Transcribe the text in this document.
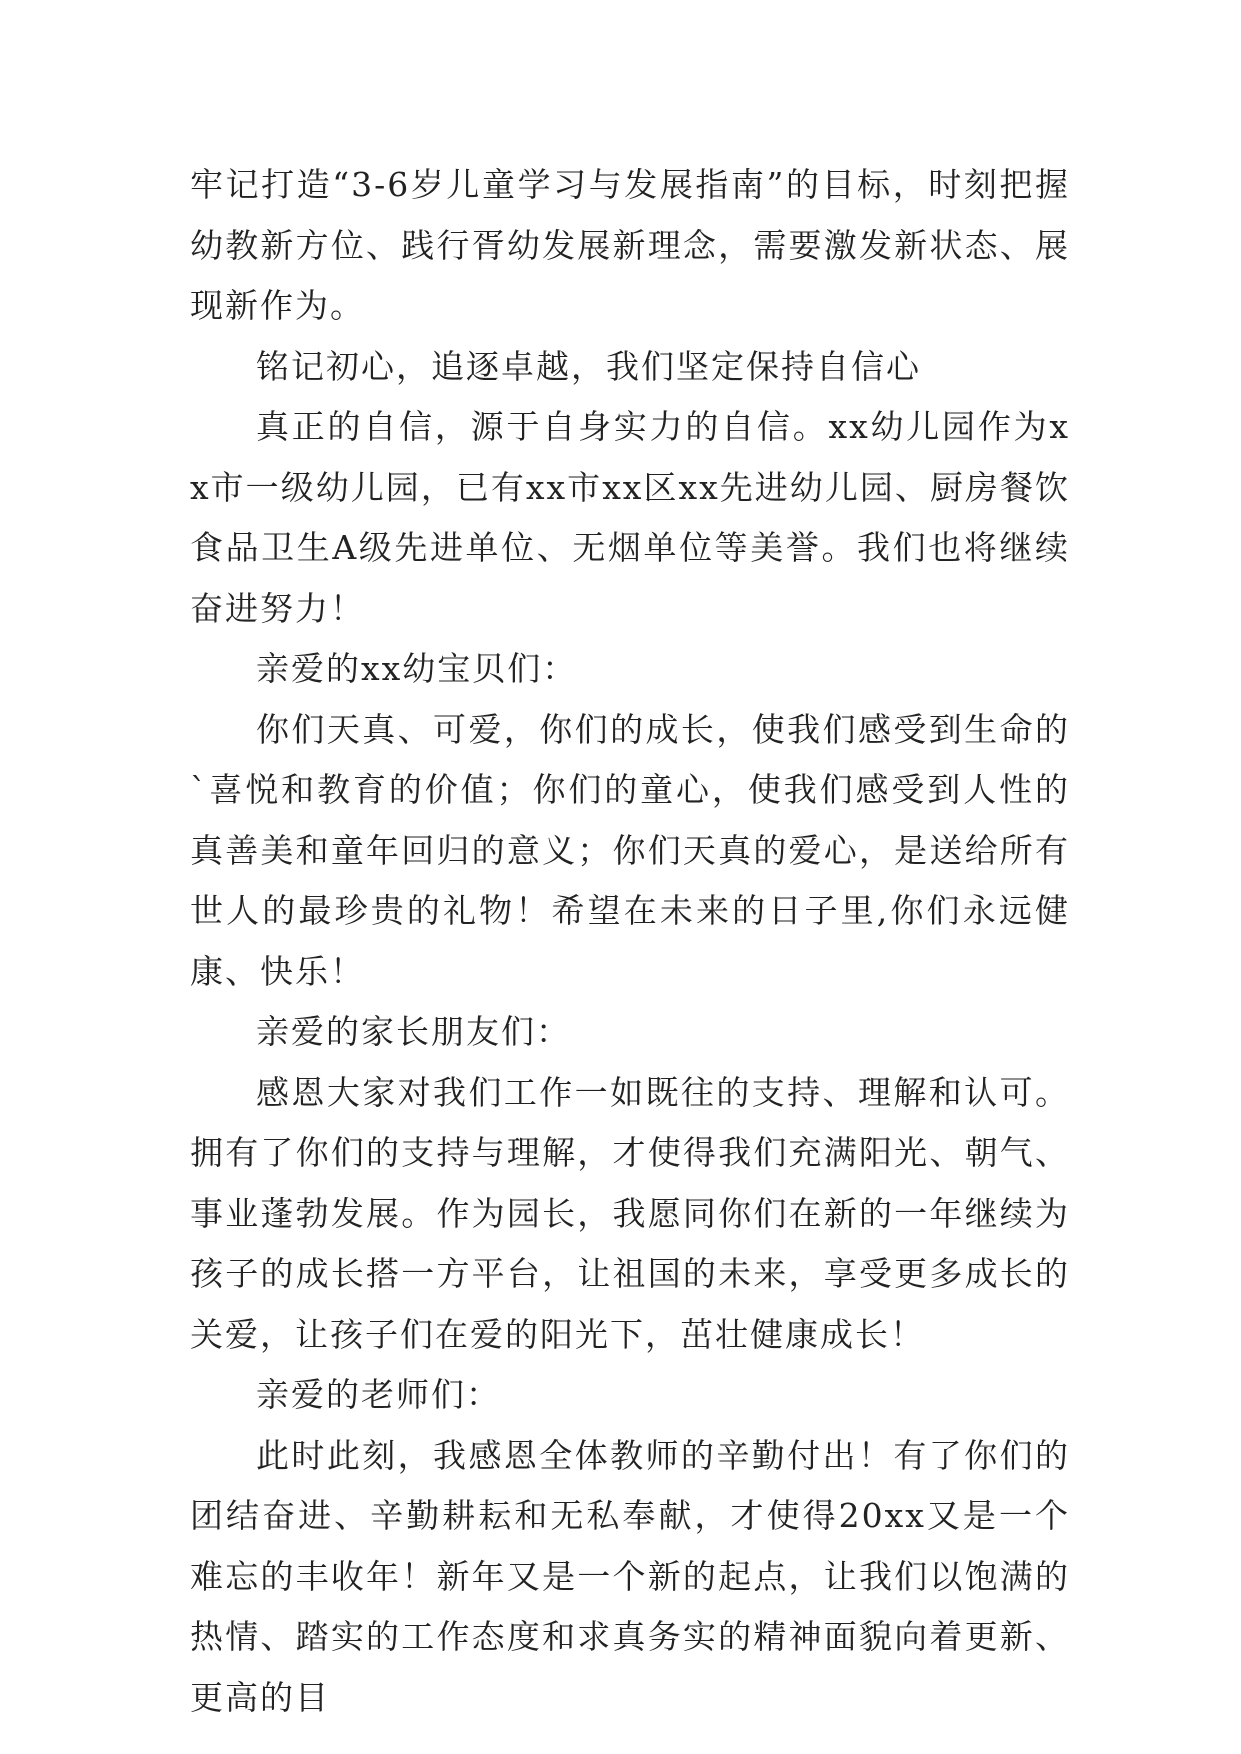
牢记打造“3-6岁儿童学习与发展指南”的目标，时刻把握幼教新方位、践行胥幼发展新理念，需要激发新状态、展现新作为。

铭记初心，追逐卓越，我们坚定保持自信心

真正的自信，源于自身实力的自信。xx幼儿园作为xx市一级幼儿园，已有xx市xx区xx先进幼儿园、厨房餐饮食品卫生A级先进单位、无烟单位等美誉。我们也将继续奋进努力！

亲爱的xx幼宝贝们：

你们天真、可爱，你们的成长，使我们感受到生命的`喜悦和教育的价值；你们的童心，使我们感受到人性的真善美和童年回归的意义；你们天真的爱心，是送给所有世人的最珍贵的礼物！希望在未来的日子里,你们永远健康、快乐！

亲爱的家长朋友们：

感恩大家对我们工作一如既往的支持、理解和认可。拥有了你们的支持与理解，才使得我们充满阳光、朝气、事业蓬勃发展。作为园长，我愿同你们在新的一年继续为孩子的成长搭一方平台，让祖国的未来，享受更多成长的关爱，让孩子们在爱的阳光下，茁壮健康成长！

亲爱的老师们：

此时此刻，我感恩全体教师的辛勤付出！有了你们的团结奋进、辛勤耕耘和无私奉献，才使得20xx又是一个难忘的丰收年！新年又是一个新的起点，让我们以饱满的热情、踏实的工作态度和求真务实的精神面貌向着更新、更高的目
